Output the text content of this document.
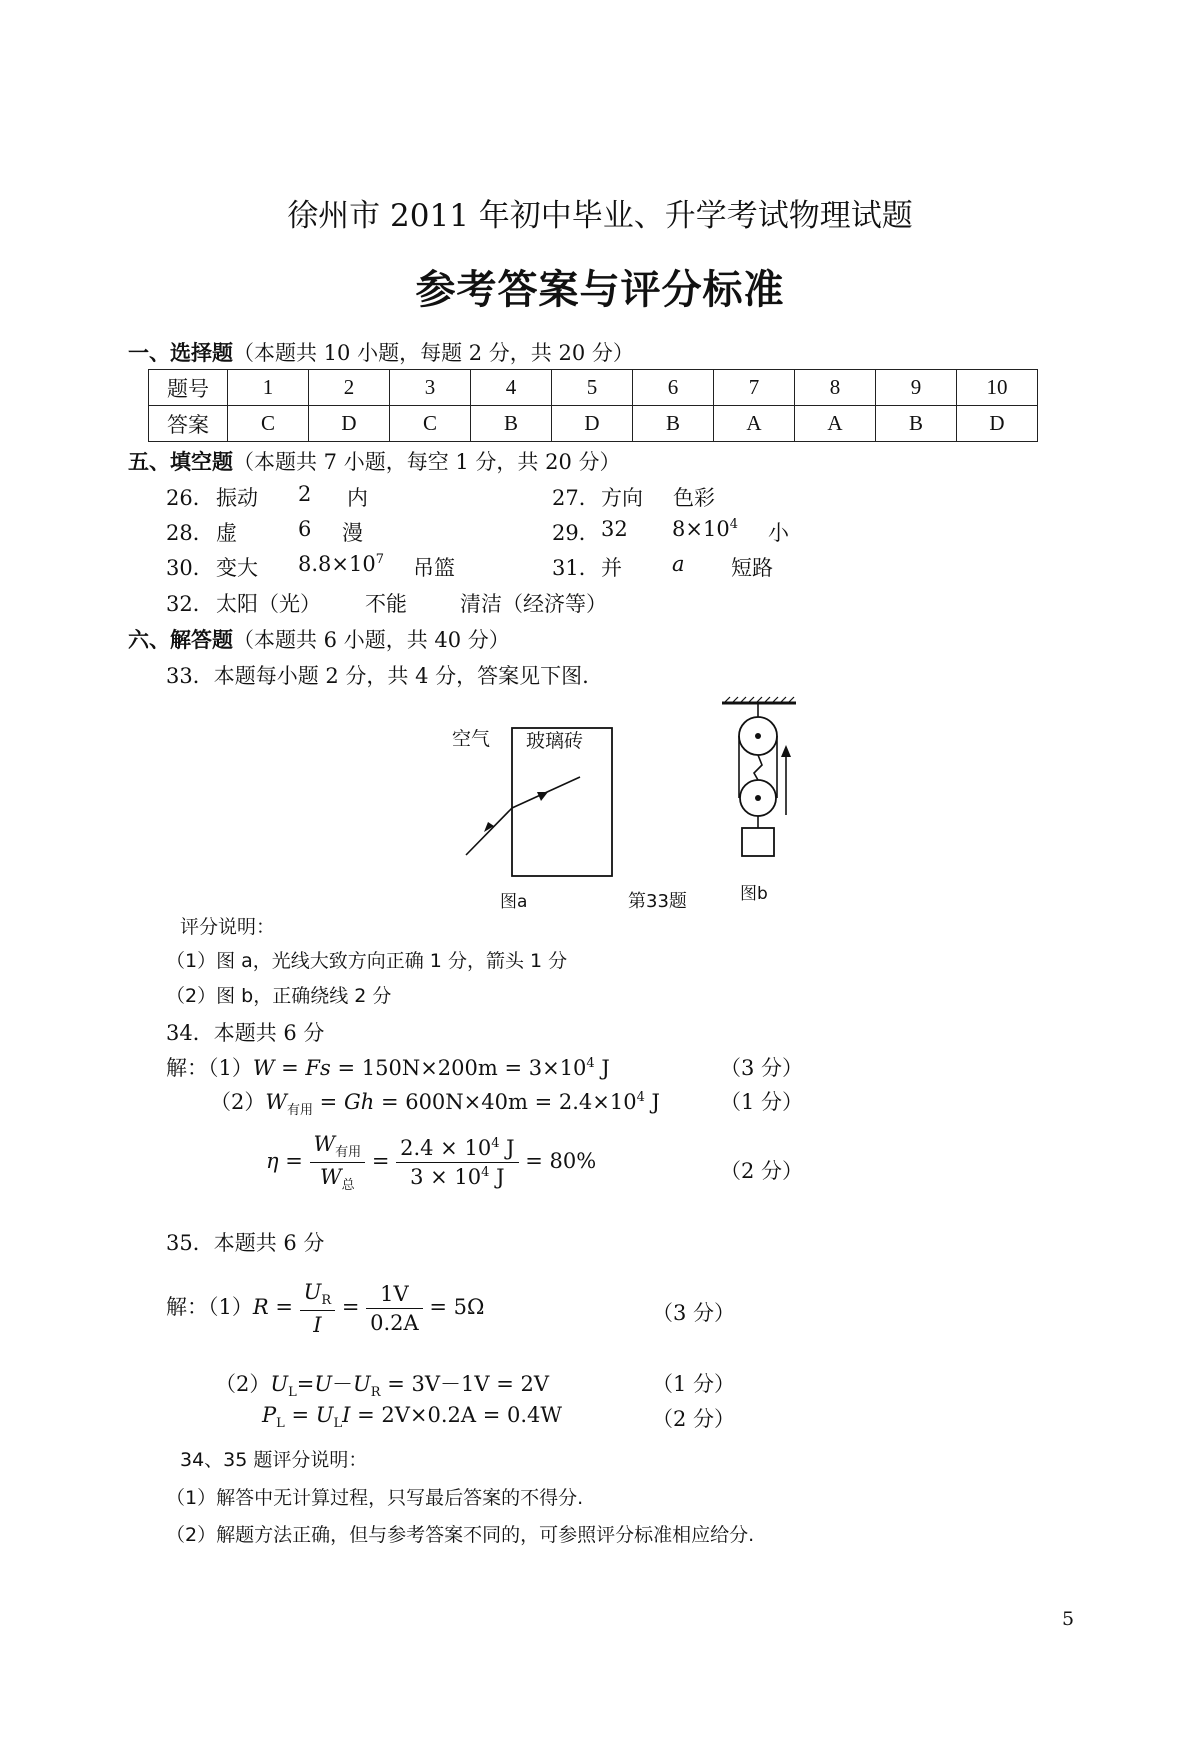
徐州市 2011 年初中毕业、升学考试物理试题
参考答案与评分标准
一、选择题（本题共 10 小题，每题 2 分，共 20 分）
题号	1	2	3	4	5	6	7	8	9	10
答案	C	D	C	B	D	B	A	A	B	D
五、填空题（本题共 7 小题，每空 1 分，共 20 分）
26． 振动 2 内	27． 方向 色彩
28． 虚	6 漫	29． 32 $8\times 10^4$ 小
30． 变大 $8.8\times 10^7$ 吊篮	31． 并 a 短路
32． 太阳（光） 不能	清洁（经济等）
六、解答题（本题共 6 小题，共 40 分）
33．本题每小题 2 分，共 4 分，答案见下图.
空气 玻璃砖
图a	第33题	图b
评分说明：
（1）图 a，光线大致方向正确 1 分，箭头 1 分
（2）图 b，正确绕线 2 分
34．本题共 6 分
解：$(1)W = Fs = 150N\times 200m = 3\times 10^4$ J	（3 分）
$(2)W_{有用} = Gh = 600N\times 40m = 2.4\times 10^4$ J	（1 分）
$\eta = \frac{W_{有用}}{W_总} = \frac{2.4 \times 10^4 J}{3 \times 10^4 J} = 80\%$	（2 分）
35．本题共 6 分
解：$(1)R = \frac{U_R}{I} = \frac{1V}{0.2A} = 5\Omega$	（3 分）
$(2)U_L=U-U_R = 3V-1V = 2V$	（1 分）
$P_L = U_LI = 2V\times 0.2A = 0.4W$	（2 分）
34、35 题评分说明：
（1）解答中无计算过程，只写最后答案的不得分.
（2）解题方法正确，但与参考答案不同的，可参照评分标准相应给分.
5
